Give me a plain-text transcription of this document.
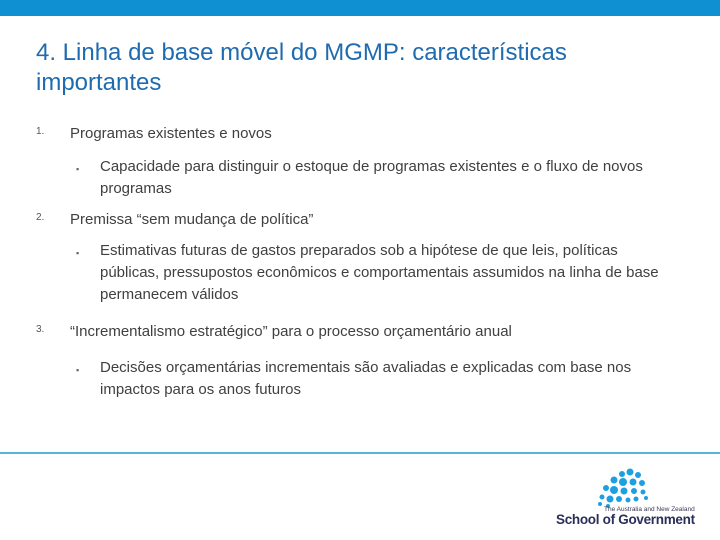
4. Linha de base móvel do MGMP: características importantes
1. Programas existentes e novos
▪ Capacidade para distinguir o estoque de programas existentes e o fluxo de novos programas
2. Premissa “sem mudança de política”
▪ Estimativas futuras de gastos preparados sob a hipótese de que leis, políticas públicas, pressupostos econômicos e comportamentais assumidos na linha de base permanecem válidos
3. “Incrementalismo estratégico” para o processo orçamentário anual
▪ Decisões orçamentárias incrementais são avaliadas e explicadas com base nos impactos para os anos futuros
The Australia and New Zealand
School of Government
